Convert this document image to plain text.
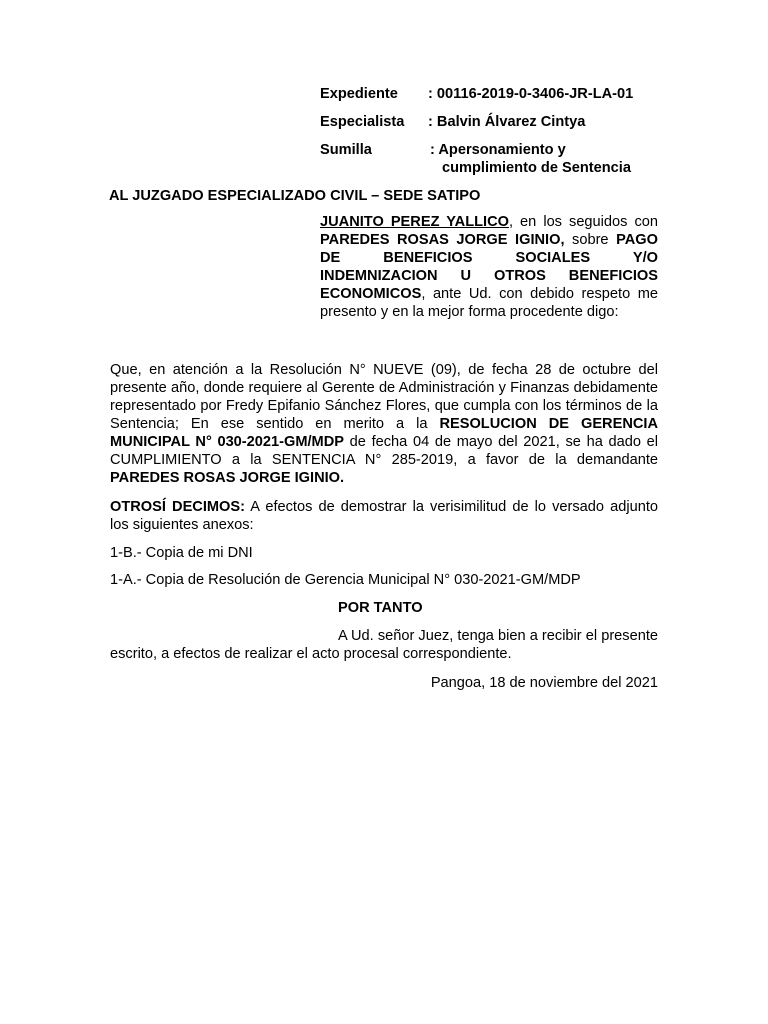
Expediente	: 00116-2019-0-3406-JR-LA-01
Especialista	: Balvin Álvarez Cintya
Sumilla	: Apersonamiento y
cumplimiento de Sentencia
AL JUZGADO ESPECIALIZADO CIVIL – SEDE SATIPO
JUANITO PEREZ YALLICO, en los seguidos con PAREDES ROSAS JORGE IGINIO, sobre PAGO DE BENEFICIOS SOCIALES Y/O INDEMNIZACION U OTROS BENEFICIOS ECONOMICOS, ante Ud. con debido respeto me presento y en la mejor forma procedente digo:
Que, en atención a la Resolución N° NUEVE (09), de fecha 28 de octubre del presente año, donde requiere al Gerente de Administración y Finanzas debidamente representado por Fredy Epifanio Sánchez Flores, que cumpla con los términos de la Sentencia; En ese sentido en merito a la RESOLUCION DE GERENCIA MUNICIPAL N° 030-2021-GM/MDP de fecha 04 de mayo del 2021, se ha dado el CUMPLIMIENTO a la SENTENCIA N° 285-2019, a favor de la demandante PAREDES ROSAS JORGE IGINIO.
OTROSÍ DECIMOS: A efectos de demostrar la verisimilitud de lo versado adjunto los siguientes anexos:
1-B.- Copia de mi DNI
1-A.- Copia de Resolución de Gerencia Municipal N° 030-2021-GM/MDP
POR TANTO
A Ud. señor Juez, tenga bien a recibir el presente escrito, a efectos de realizar el acto procesal correspondiente.
Pangoa, 18 de noviembre del 2021
